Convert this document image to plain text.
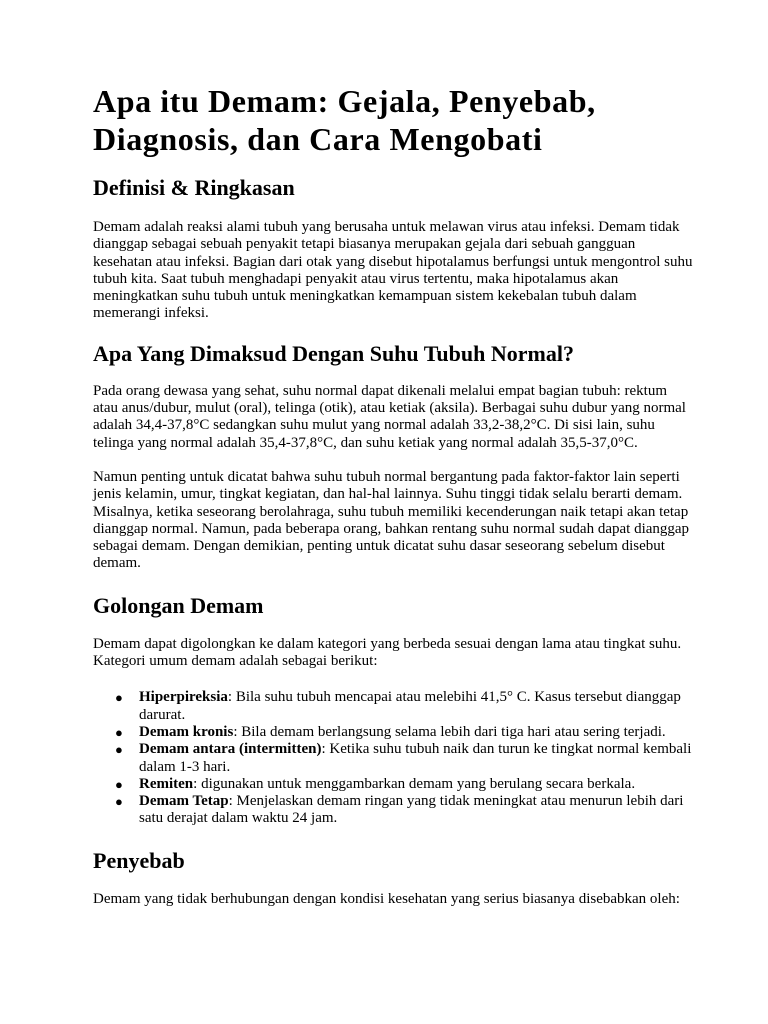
Apa itu Demam: Gejala, Penyebab, Diagnosis, dan Cara Mengobati
Definisi & Ringkasan

Demam adalah reaksi alami tubuh yang berusaha untuk melawan virus atau infeksi. Demam tidak dianggap sebagai sebuah penyakit tetapi biasanya merupakan gejala dari sebuah gangguan kesehatan atau infeksi. Bagian dari otak yang disebut hipotalamus berfungsi untuk mengontrol suhu tubuh kita. Saat tubuh menghadapi penyakit atau virus tertentu, maka hipotalamus akan meningkatkan suhu tubuh untuk meningkatkan kemampuan sistem kekebalan tubuh dalam memerangi infeksi.

Apa Yang Dimaksud Dengan Suhu Tubuh Normal?

Pada orang dewasa yang sehat, suhu normal dapat dikenali melalui empat bagian tubuh: rektum atau anus/dubur, mulut (oral), telinga (otik), atau ketiak (aksila). Berbagai suhu dubur yang normal adalah 34,4-37,8°C sedangkan suhu mulut yang normal adalah 33,2-38,2°C. Di sisi lain, suhu telinga yang normal adalah 35,4-37,8°C, dan suhu ketiak yang normal adalah 35,5-37,0°C.

Namun penting untuk dicatat bahwa suhu tubuh normal bergantung pada faktor-faktor lain seperti jenis kelamin, umur, tingkat kegiatan, dan hal-hal lainnya. Suhu tinggi tidak selalu berarti demam. Misalnya, ketika seseorang berolahraga, suhu tubuh memiliki kecenderungan naik tetapi akan tetap dianggap normal. Namun, pada beberapa orang, bahkan rentang suhu normal sudah dapat dianggap sebagai demam. Dengan demikian, penting untuk dicatat suhu dasar seseorang sebelum disebut demam.

Golongan Demam

Demam dapat digolongkan ke dalam kategori yang berbeda sesuai dengan lama atau tingkat suhu. Kategori umum demam adalah sebagai berikut:

● Hiperpireksia: Bila suhu tubuh mencapai atau melebihi 41,5° C. Kasus tersebut dianggap darurat.
● Demam kronis: Bila demam berlangsung selama lebih dari tiga hari atau sering terjadi.
● Demam antara (intermitten): Ketika suhu tubuh naik dan turun ke tingkat normal kembali dalam 1-3 hari.
● Remiten: digunakan untuk menggambarkan demam yang berulang secara berkala.
● Demam Tetap: Menjelaskan demam ringan yang tidak meningkat atau menurun lebih dari satu derajat dalam waktu 24 jam.
Penyebab

Demam yang tidak berhubungan dengan kondisi kesehatan yang serius biasanya disebabkan oleh:
